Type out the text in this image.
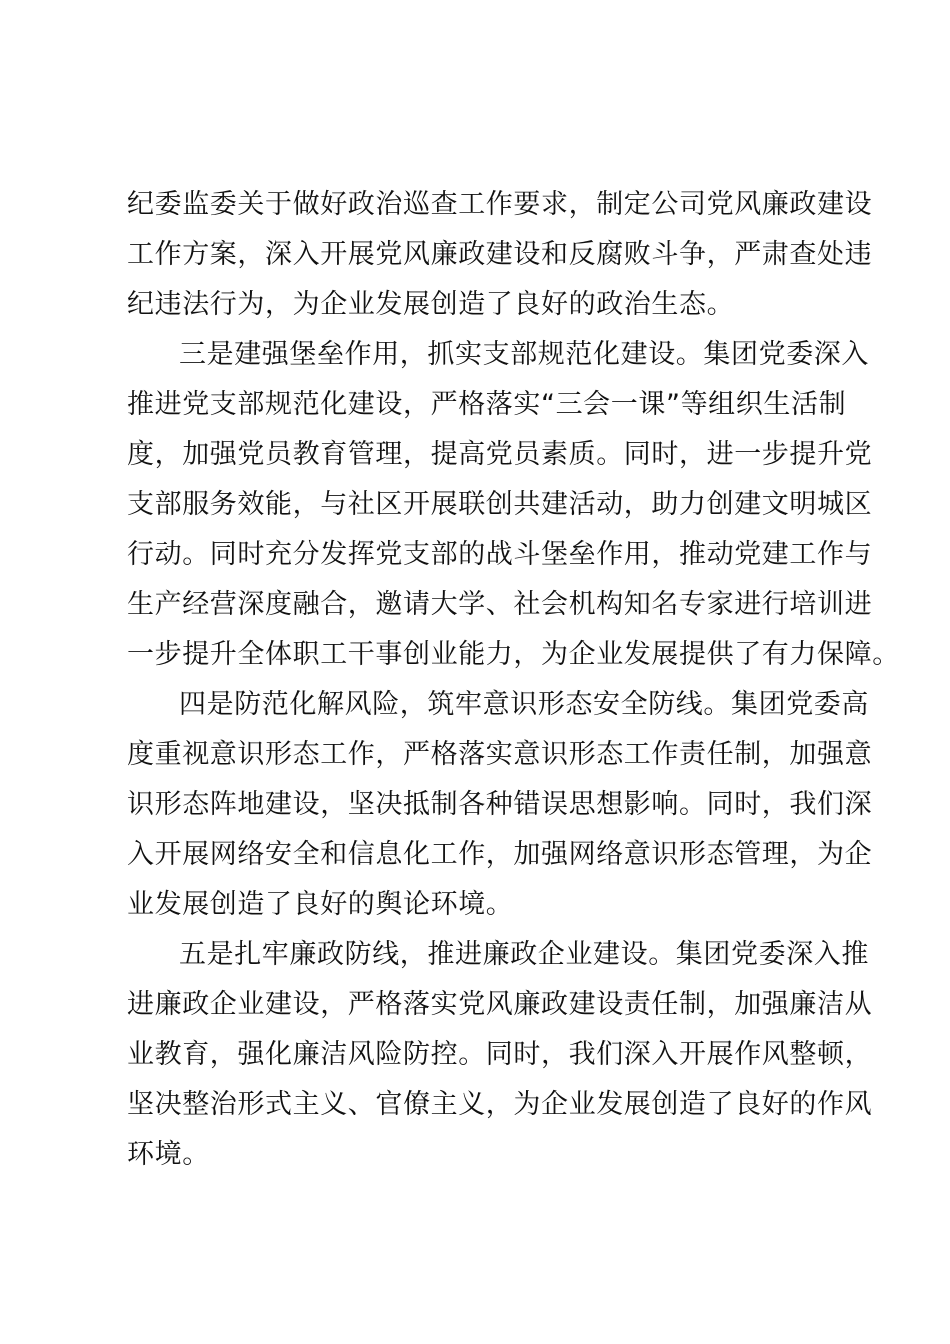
纪委监委关于做好政治巡查工作要求，制定公司党风廉政建设
工作方案，深入开展党风廉政建设和反腐败斗争，严肃查处违
纪违法行为，为企业发展创造了良好的政治生态。
三是建强堡垒作用，抓实支部规范化建设。集团党委深入
推进党支部规范化建设，严格落实“三会一课”等组织生活制
度，加强党员教育管理，提高党员素质。同时，进一步提升党
支部服务效能，与社区开展联创共建活动，助力创建文明城区
行动。同时充分发挥党支部的战斗堡垒作用，推动党建工作与
生产经营深度融合，邀请大学、社会机构知名专家进行培训进
一步提升全体职工干事创业能力，为企业发展提供了有力保障。
四是防范化解风险，筑牢意识形态安全防线。集团党委高
度重视意识形态工作，严格落实意识形态工作责任制，加强意
识形态阵地建设，坚决抵制各种错误思想影响。同时，我们深
入开展网络安全和信息化工作，加强网络意识形态管理，为企
业发展创造了良好的舆论环境。
五是扎牢廉政防线，推进廉政企业建设。集团党委深入推
进廉政企业建设，严格落实党风廉政建设责任制，加强廉洁从
业教育，强化廉洁风险防控。同时，我们深入开展作风整顿，
坚决整治形式主义、官僚主义，为企业发展创造了良好的作风
环境。
